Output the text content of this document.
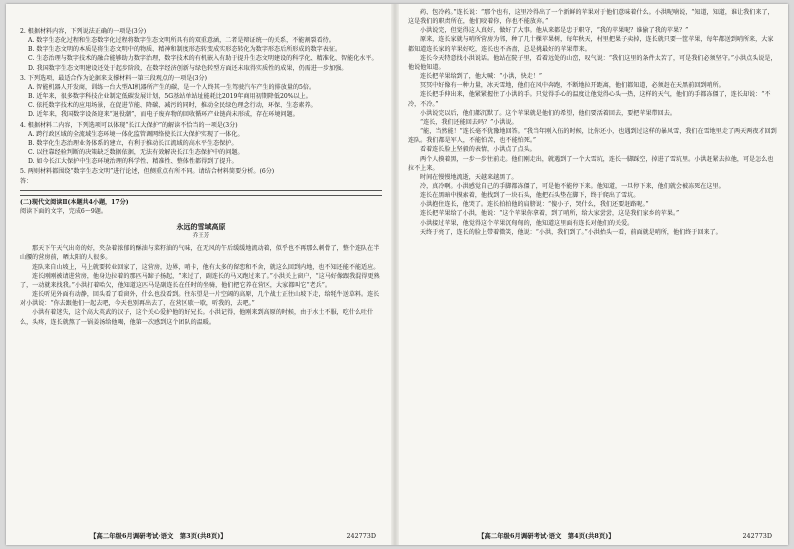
2. 根据材料内容，下列说法正确的一项是(3分)

A. 数字生态化过程和生态数字化过程将数字生态文明所具有的双重意涵，二者是辩证统一的关系，不能割裂看待。

B. 数字生态文明的本质是将生态文明中的物质、精神和制度形态转变成实形态转化为数字形态后所形成的数字表征。

C. 生态治理与数字技术的融合能够助力数字治理，数字技术的有机嵌入有助于提升生态文明建设的科学化、精准化、智能化水平。

D. 我国数字生态文明建设还处于起步阶段，在数字经济创新与绿色转型方面还未取得实质性的成果，仍需进一步加强。

3. 下列选项，最适合作为论据来支撑材料一第三段观点的一项是(3分)

A. 智能机器人开发商，训练一台大型AI机器所产生的碳，是一个人终其一生驾驶汽车产生的排放量的5倍。

B. 近年来，很多数字科技企业制定低碳发展计划，5G基站单站址能耗比2019年商用初期降低20%以上。

C. 依托数字技术的应用场景，在促进节能、降碳、减污的同时，推动全民绿色理念行动，环保、生态素养。

D. 近年来，我国数字设备迎来“退役潮”，而电子废弃物的回收循环产业链尚未形成，存在环境问题。

4. 根据材料二内容，下列选项可以体现“长江大保护”的解读不恰当的一项是(3分)

A. 跨行政区域的全流域生态环境一体化监管调网络使长江大保护实现了一体化。

B. 数字化生态治理业务体系的建立，有利于推动长江流域的高水平生态保护。

C. 以往靠经验判断的决策缺乏数据依据，无法有效解决长江生态保护中的问题。

D. 如今长江大保护中生态环境治理的科学性、精准性、整体性都得到了提升。

5. 两则材料都围绕“数字生态文明”进行论述，但侧重点有所不同。请结合材料简要分析。(6分)

答：

(二)现代文阅读Ⅱ(本题共4小题，17分)

阅读下面的文字，完成6～9题。

永远的雪域高原

乔王芳

那天下午天气出奇的好，夹杂着浓郁的酥油与菜籽油的气味，在无风的午后缓缓地流动着，似乎也不再那么刺骨了，整个连队在半山腰的营房前，晒太阳的人很多。

连队来自山坡上，马上就要转业回家了，这营房，边界，哨卡，他有太多的留恋和不舍，就这么回到内地，也不知还能不能适应。

连长刚刚被请进营房，他身边拉着的那匹马蹄子扬起，“来过了，副连长的马又跑过来了。”小洪关上窗户，“这马好像跟我混得更熟了，一动就来找我。”小洪打着哈欠，他知道这匹马是副连长在任时的坐骑，他们把它养在营区，大家都叫它“老兵”。

连长听见外面有动静，回头看了看窗外，什么也没看到。往东望是一片空阔的高原，几个战士正往山坡下走，给牦牛送草料。连长对小洪说：“你去跟他们一起去吧，今天也别再出去了，在营区歇一歇，听我的，去吧。”

小洪有着迷失，这个高大英武的汉子，这个关心爱护他的好兄长。小洪记得，他刚来到高原的时候，由于水土不服，吃什么吐什么，头疼，连长就熬了一锅姜汤给他喝，他第一次感到这个团队的温暖。

【高二年级6月调研考试·语文　第3页(共8页)】	242773D

药、包冷药。”连长说：“那个也有，这里冷得出了一个新鲜的苹果对于他们意味着什么。小洪呢喃说，“知道，知道，谁让我们来了，这是我们的职责所在，他们咬着你，你也不能放弃。”

小洪说完，但觉得这人真好，做好了大事。他从来都是忠于职守，“我的苹果呢？谁偷了我的苹果？”

原来，连长家就与哨所营房为邻，种了几十棵苹果树，每年秋天，村里把果子卖掉，连长就只要一筐苹果，每年都送到哨所来，大家都知道连长家的苹果好吃，连长也不吝啬，总是挑最好的苹果带来。

连长今天特意找小洪说话。他站在院子里，看着远处的山峦，叹气说：“我们这里的条件太苦了，可是我们必须坚守。”小洪点头说是，他说他知道。

连长把苹果给到了，他大喊：“小洪，快走！”

冥冥中好像有一种力量，冰天雪地，他们在风中奔跑，不断地拉开距离，他们都知道，必须赶在天黑前回到哨所。

连长把手伸出来，他紧紧握住了小洪的手。只觉得手心的温度让他觉得心头一热，这样的天气，他们的手都冻僵了，连长却说：“不冷，不冷。”

小洪说完以后，他们都沉默了。这个苹果就是他们的希望，他们要活着回去，要把苹果带回去。

“连长，我们还能回去吗？”小洪说。

“能，当然能！”连长毫不犹豫地回答。“我当年刚入伍的时候，比你还小，也遇到过这样的暴风雪，我们在雪地里走了两天两夜才回到连队。我们都是军人，不能怕苦，也不能怕死。”

看着连长脸上坚毅的表情，小洪点了点头。

两个人摸着黑，一步一步往前走。他们刚走出，就遇到了一个大雪坑，连长一脚踩空，掉进了雪坑里。小洪赶紧去拉他，可是怎么也拉不上来。

时间在慢慢地流逝，天越来越黑了。

冷，真冷啊。小洪感觉自己的手脚都冻僵了，可是他不能停下来。他知道，一旦停下来，他们就会被冻死在这里。

连长在黑暗中摸索着，他找到了一块石头，他把石头垫在脚下，终于爬出了雪坑。

小洪抱住连长，他哭了。连长拍拍他的肩膀说：“傻小子，哭什么，我们还要赶路呢。”

连长把苹果给了小洪，他说：“这个苹果你拿着，到了哨所，给大家尝尝，这是我们家乡的苹果。”

小洪接过苹果，他觉得这个苹果沉甸甸的，他知道这里面有连长对他们的关爱。

天终于亮了，连长的脸上带着微笑，他说：“小洪，我们到了。”小洪抬头一看，前面就是哨所，他们终于回来了。

【高二年级6月调研考试·语文　第4页(共8页)】	242773D
